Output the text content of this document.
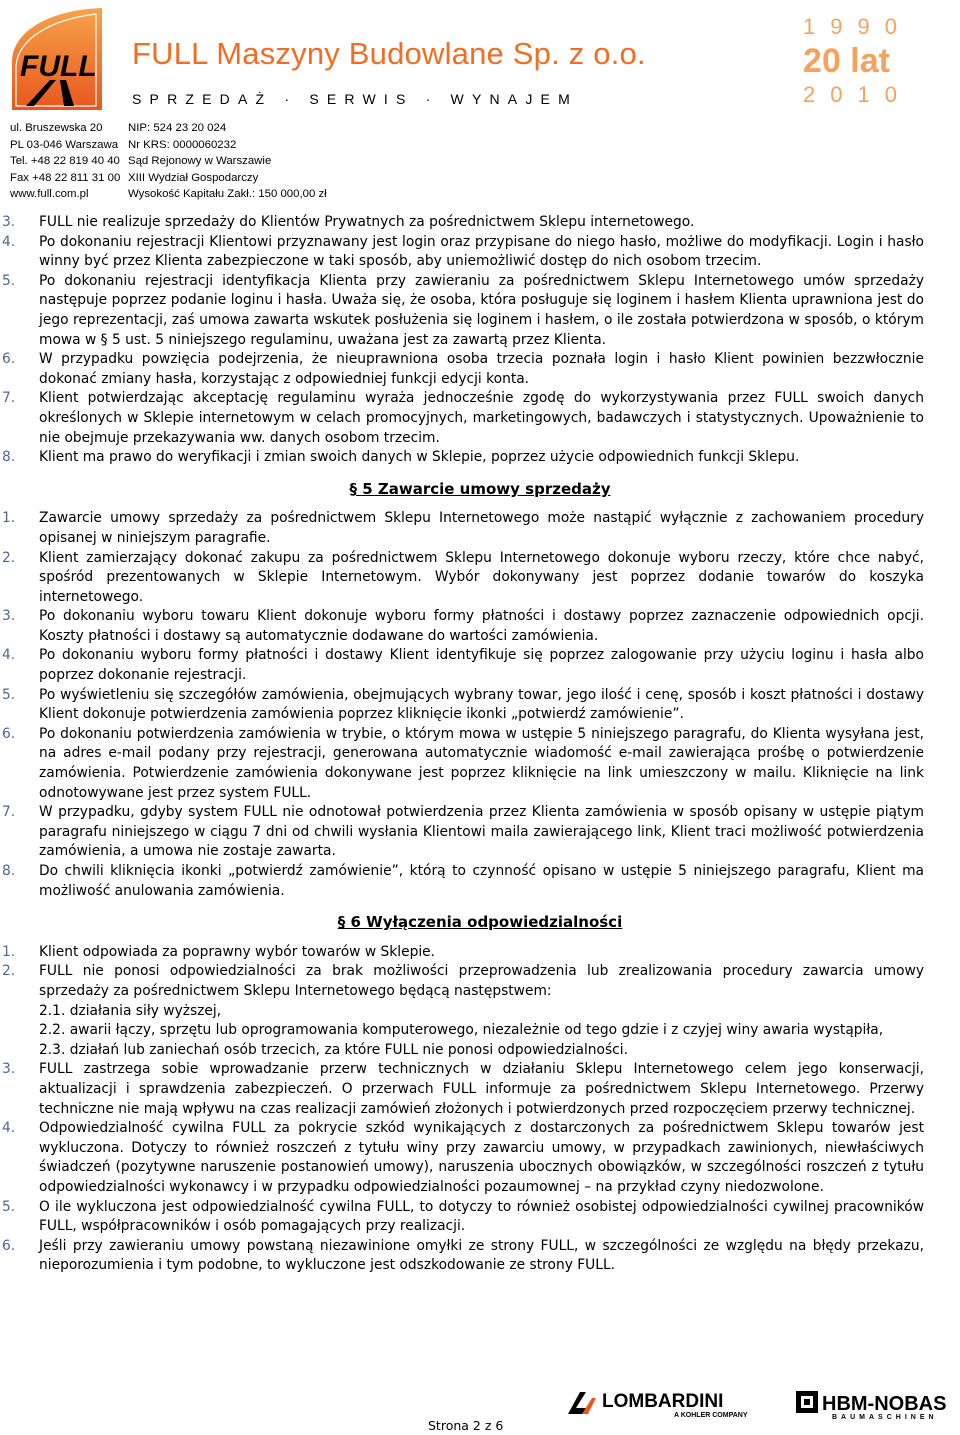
FULL FULL Maszyny Budowlane Sp. z o.o.
SPRZEDAŻ · SERWIS · WYNAJEM
1990
20 lat
2010
ul. Bruszewska 20
PL 03-046 Warszawa
Tel. +48 22 819 40 40
Fax +48 22 811 31 00
www.full.com.pl
NIP: 524 23 20 024
Nr KRS: 0000060232
Sąd Rejonowy w Warszawie
XIII Wydział Gospodarczy
Wysokość Kapitału Zakł.: 150 000,00 zł
3. FULL nie realizuje sprzedaży do Klientów Prywatnych za pośrednictwem Sklepu internetowego.
4. Po dokonaniu rejestracji Klientowi przyznawany jest login oraz przypisane do niego hasło, możliwe do modyfikacji. Login i hasło winny być przez Klienta zabezpieczone w taki sposób, aby uniemożliwić dostęp do nich osobom trzecim.
5. Po dokonaniu rejestracji identyfikacja Klienta przy zawieraniu za pośrednictwem Sklepu Internetowego umów sprzedaży następuje poprzez podanie loginu i hasła. Uważa się, że osoba, która posługuje się loginem i hasłem Klienta uprawniona jest do jego reprezentacji, zaś umowa zawarta wskutek posłużenia się loginem i hasłem, o ile została potwierdzona w sposób, o którym mowa w § 5 ust. 5 niniejszego regulaminu, uważana jest za zawartą przez Klienta.
6. W przypadku powzięcia podejrzenia, że nieuprawniona osoba trzecia poznała login i hasło Klient powinien bezzwłocznie dokonać zmiany hasła, korzystając z odpowiedniej funkcji edycji konta.
7. Klient potwierdzając akceptację regulaminu wyraża jednocześnie zgodę do wykorzystywania przez FULL swoich danych określonych w Sklepie internetowym w celach promocyjnych, marketingowych, badawczych i statystycznych. Upoważnienie to nie obejmuje przekazywania ww. danych osobom trzecim.
8. Klient ma prawo do weryfikacji i zmian swoich danych w Sklepie, poprzez użycie odpowiednich funkcji Sklepu.
§ 5 Zawarcie umowy sprzedaży
1. Zawarcie umowy sprzedaży za pośrednictwem Sklepu Internetowego może nastąpić wyłącznie z zachowaniem procedury opisanej w niniejszym paragrafie.
2. Klient zamierzający dokonać zakupu za pośrednictwem Sklepu Internetowego dokonuje wyboru rzeczy, które chce nabyć, spośród prezentowanych w Sklepie Internetowym. Wybór dokonywany jest poprzez dodanie towarów do koszyka internetowego.
3. Po dokonaniu wyboru towaru Klient dokonuje wyboru formy płatności i dostawy poprzez zaznaczenie odpowiednich opcji. Koszty płatności i dostawy są automatycznie dodawane do wartości zamówienia.
4. Po dokonaniu wyboru formy płatności i dostawy Klient identyfikuje się poprzez zalogowanie przy użyciu loginu i hasła albo poprzez dokonanie rejestracji.
5. Po wyświetleniu się szczegółów zamówienia, obejmujących wybrany towar, jego ilość i cenę, sposób i koszt płatności i dostawy Klient dokonuje potwierdzenia zamówienia poprzez kliknięcie ikonki „potwierdź zamówienie”.
6. Po dokonaniu potwierdzenia zamówienia w trybie, o którym mowa w ustępie 5 niniejszego paragrafu, do Klienta wysyłana jest, na adres e-mail podany przy rejestracji, generowana automatycznie wiadomość e-mail zawierająca prośbę o potwierdzenie zamówienia. Potwierdzenie zamówienia dokonywane jest poprzez kliknięcie na link umieszczony w mailu. Kliknięcie na link odnotowywane jest przez system FULL.
7. W przypadku, gdyby system FULL nie odnotował potwierdzenia przez Klienta zamówienia w sposób opisany w ustępie piątym paragrafu niniejszego w ciągu 7 dni od chwili wysłania Klientowi maila zawierającego link, Klient traci możliwość potwierdzenia zamówienia, a umowa nie zostaje zawarta.
8. Do chwili kliknięcia ikonki „potwierdź zamówienie”, którą to czynność opisano w ustępie 5 niniejszego paragrafu, Klient ma możliwość anulowania zamówienia.
§ 6 Wyłączenia odpowiedzialności
1. Klient odpowiada za poprawny wybór towarów w Sklepie.
2. FULL nie ponosi odpowiedzialności za brak możliwości przeprowadzenia lub zrealizowania procedury zawarcia umowy sprzedaży za pośrednictwem Sklepu Internetowego będącą następstwem:
2.1. działania siły wyższej,
2.2. awarii łączy, sprzętu lub oprogramowania komputerowego, niezależnie od tego gdzie i z czyjej winy awaria wystąpiła,
2.3. działań lub zaniechań osób trzecich, za które FULL nie ponosi odpowiedzialności.
3. FULL zastrzega sobie wprowadzanie przerw technicznych w działaniu Sklepu Internetowego celem jego konserwacji, aktualizacji i sprawdzenia zabezpieczeń. O przerwach FULL informuje za pośrednictwem Sklepu Internetowego. Przerwy techniczne nie mają wpływu na czas realizacji zamówień złożonych i potwierdzonych przed rozpoczęciem przerwy technicznej.
4. Odpowiedzialność cywilna FULL za pokrycie szkód wynikających z dostarczonych za pośrednictwem Sklepu towarów jest wykluczona. Dotyczy to również roszczeń z tytułu winy przy zawarciu umowy, w przypadkach zawinionych, niewłaściwych świadczeń (pozytywne naruszenie postanowień umowy), naruszenia ubocznych obowiązków, w szczególności roszczeń z tytułu odpowiedzialności wykonawcy i w przypadku odpowiedzialności pozaumownej – na przykład czyny niedozwolone.
5. O ile wykluczona jest odpowiedzialność cywilna FULL, to dotyczy to również osobistej odpowiedzialności cywilnej pracowników FULL, współpracowników i osób pomagających przy realizacji.
6. Jeśli przy zawieraniu umowy powstaną niezawinione omyłki ze strony FULL, w szczególności ze względu na błędy przekazu, nieporozumienia i tym podobne, to wykluczone jest odszkodowanie ze strony FULL.
Strona 2 z 6
LOMBARDINI
A KOHLER COMPANY
HBM-NOBAS
BAUMASCHINEN
